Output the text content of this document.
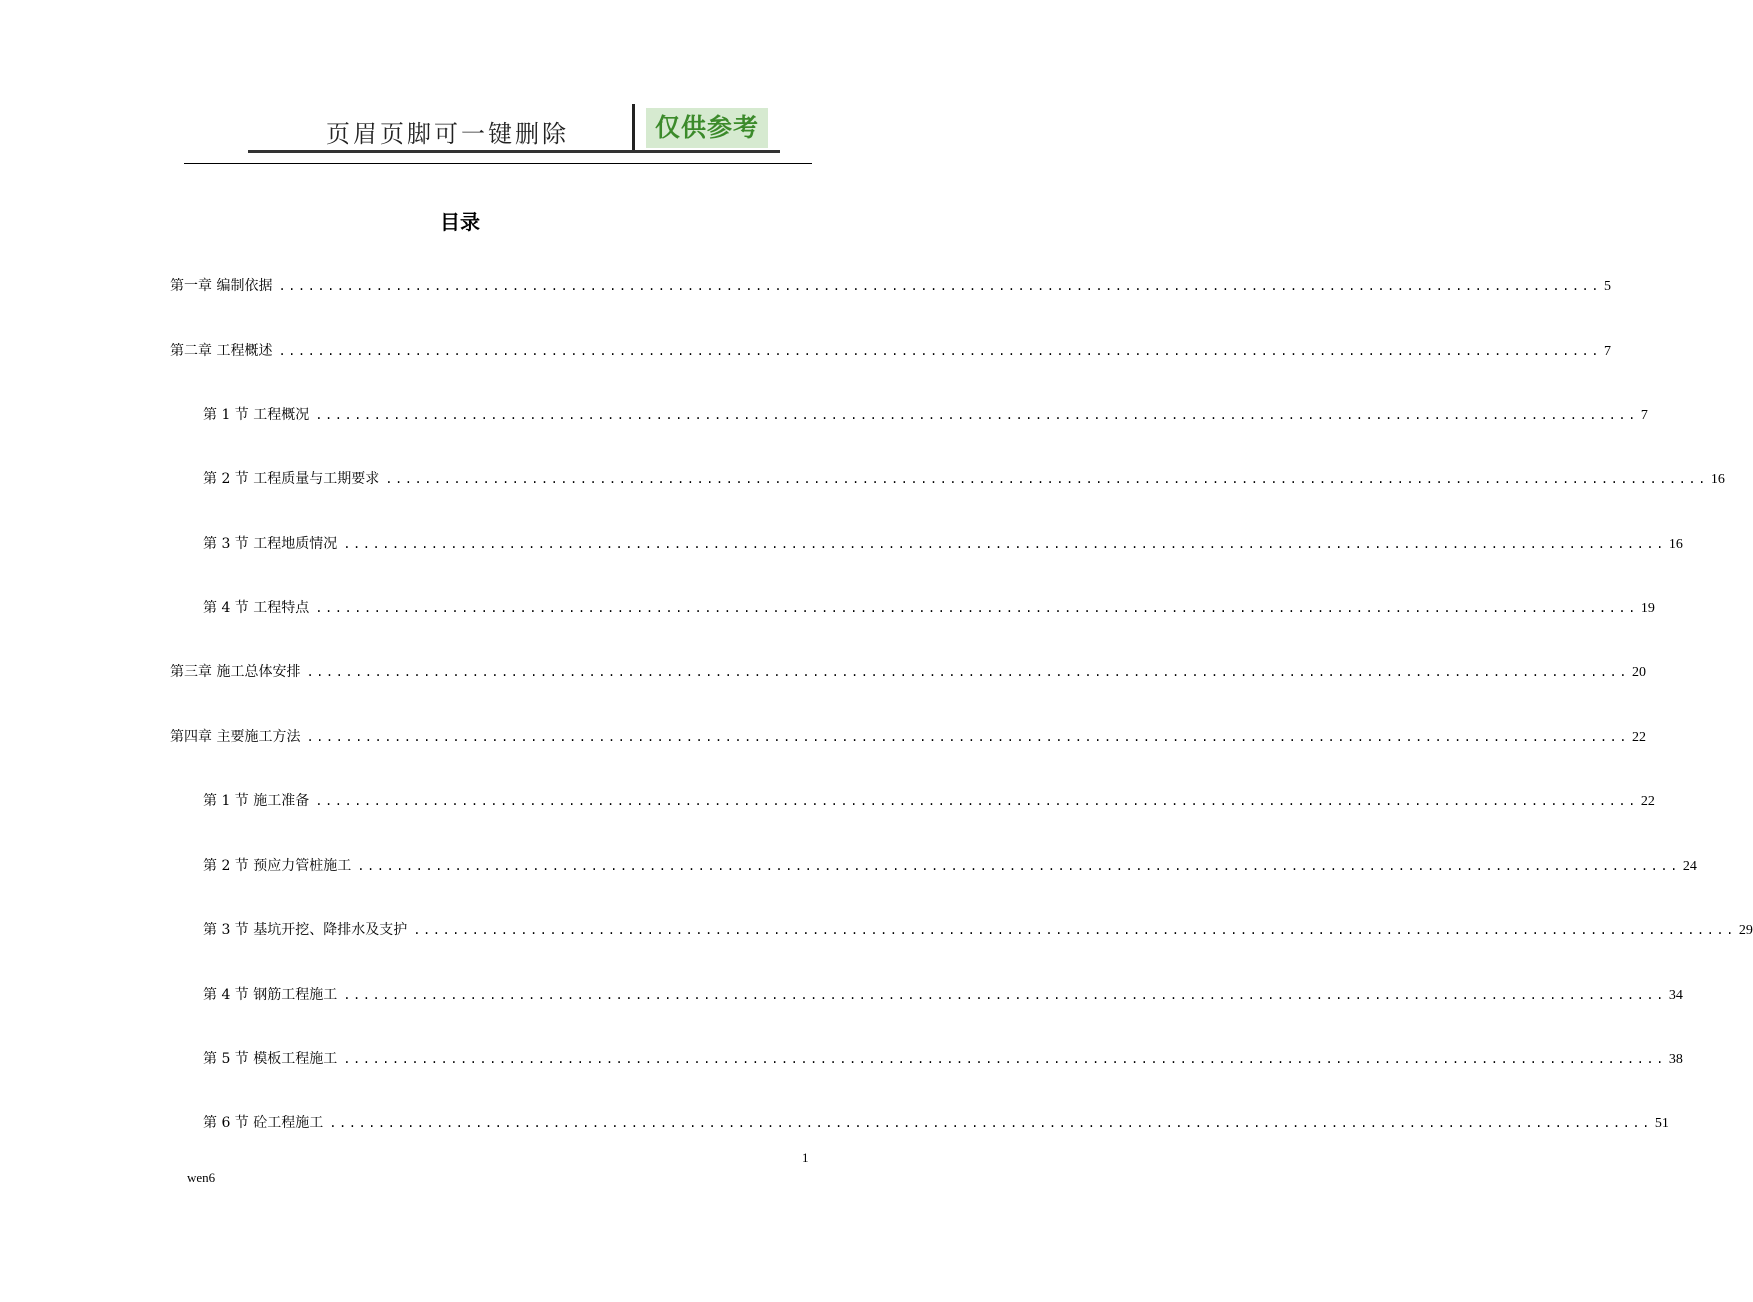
页眉页脚可一键删除	仅供参考
目录
第一章 编制依据 ........................................................................................................................................ 5
第二章 工程概述 ........................................................................................................................................ 7
第 1 节 工程概况 ........................................................................................................................................ 7
第 2 节 工程质量与工期要求 ........................................................................................................................................ 16
第 3 节 工程地质情况 ........................................................................................................................................ 16
第 4 节 工程特点 ........................................................................................................................................ 19
第三章 施工总体安排 ........................................................................................................................................ 20
第四章 主要施工方法 ........................................................................................................................................ 22
第 1 节 施工准备 ........................................................................................................................................ 22
第 2 节 预应力管桩施工 ........................................................................................................................................ 24
第 3 节 基坑开挖、降排水及支护 ........................................................................................................................................ 29
第 4 节 钢筋工程施工 ........................................................................................................................................ 34
第 5 节 模板工程施工 ........................................................................................................................................ 38
第 6 节 砼工程施工 ........................................................................................................................................ 51
1
wen6
